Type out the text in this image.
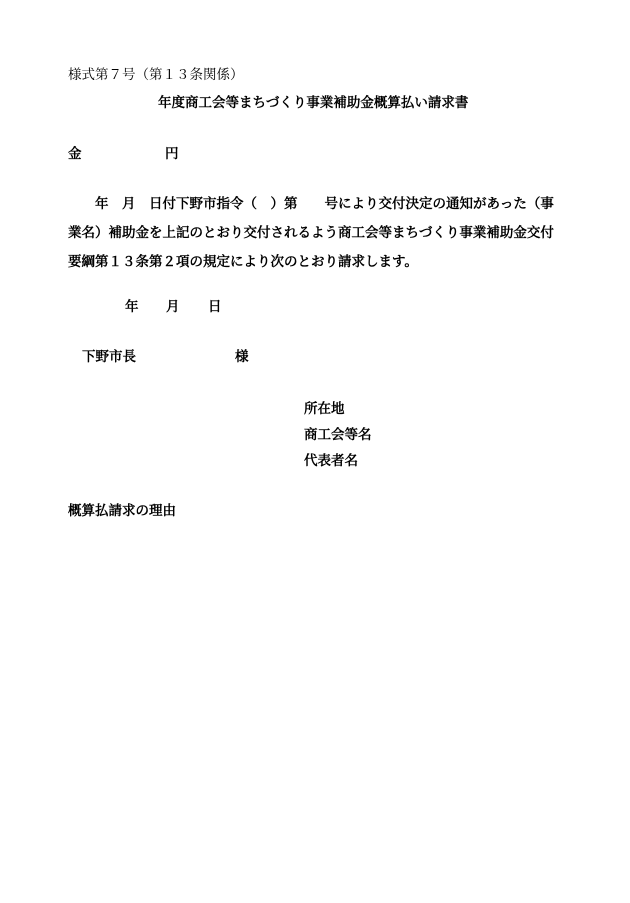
様式第７号（第１３条関係）

年度商工会等まちづくり事業補助金概算払い請求書

金	円

　　年　月　日付下野市指令（　）第　　号により交付決定の通知があった（事
業名）補助金を上記のとおり交付されるよう商工会等まちづくり事業補助金交付
要綱第１３条第２項の規定により次のとおり請求します。

年 月 日

下野市長	様

所在地

商工会等名

代表者名

概算払請求の理由
